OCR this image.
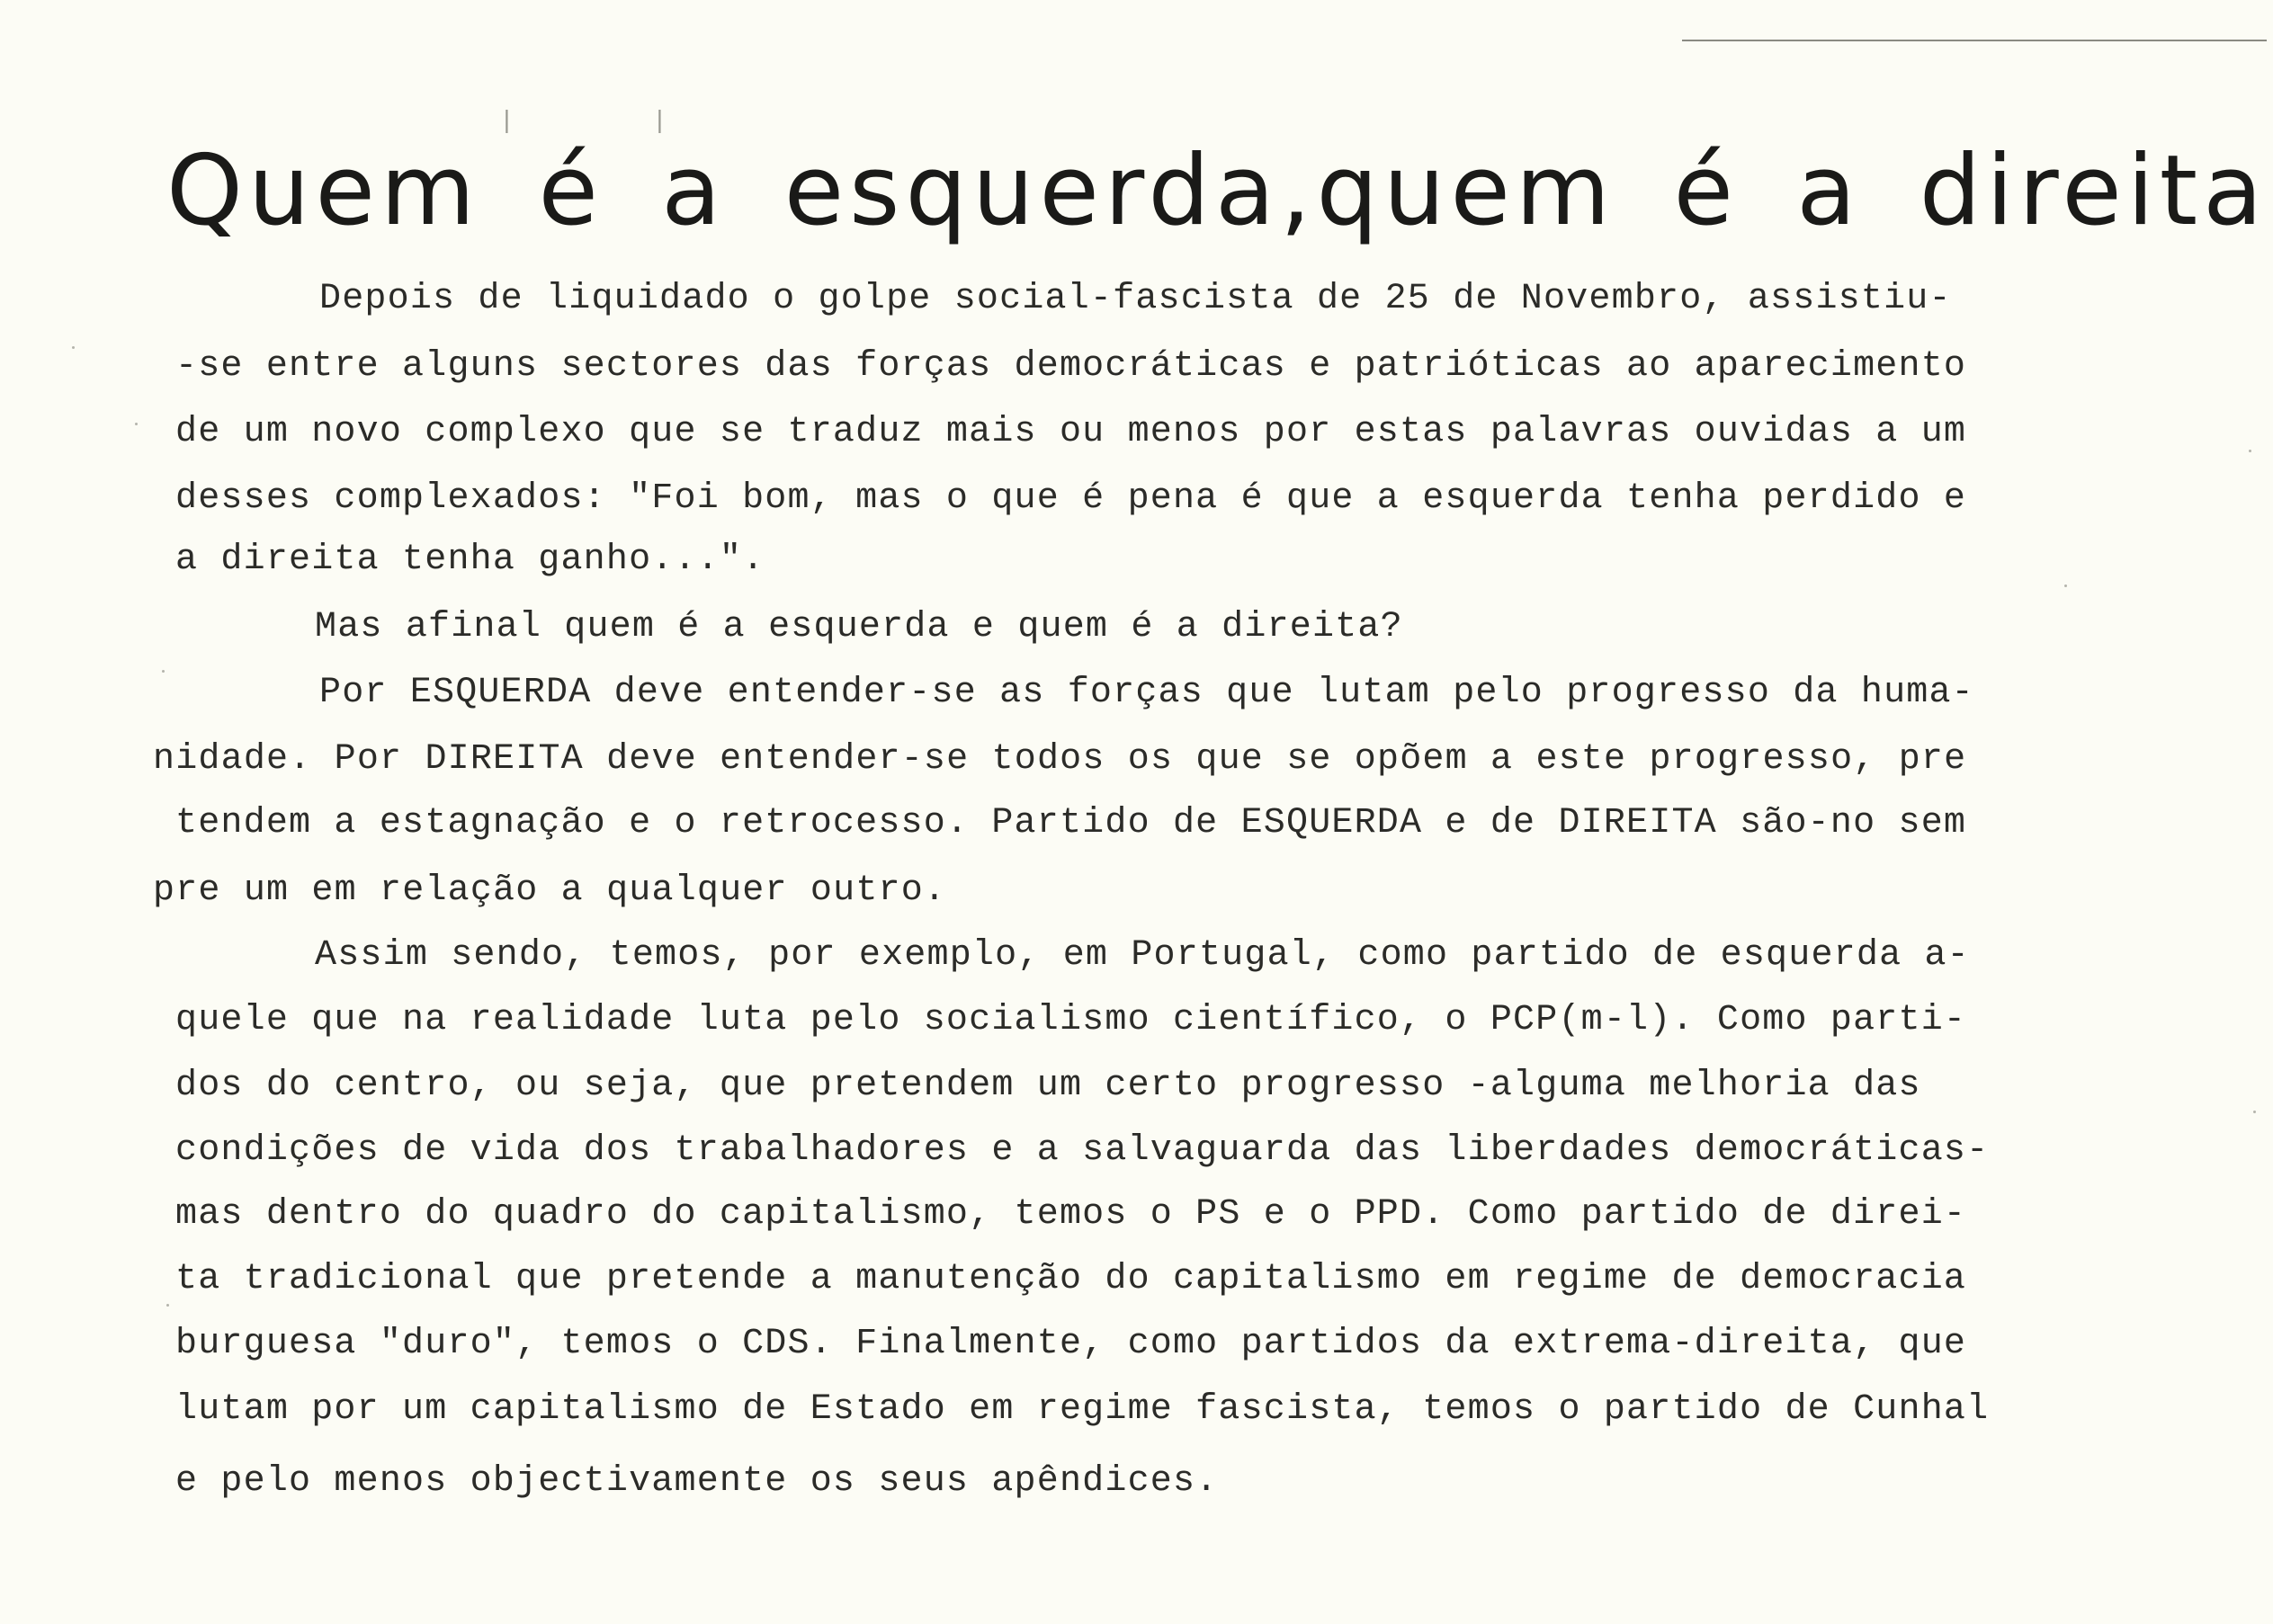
|	|
Quem é a esquerda,quem é a direita

Depois de liquidado o golpe social-fascista de 25 de Novembro, assistiu-

-se entre alguns sectores das forças democráticas e patrióticas ao aparecimento

de um novo complexo que se traduz mais ou menos por estas palavras ouvidas a um

desses complexados: "Foi bom, mas o que é pena é que a esquerda tenha perdido e

a direita tenha ganho...".

Mas afinal quem é a esquerda e quem é a direita?

Por ESQUERDA deve entender-se as forças que lutam pelo progresso da huma-

nidade. Por DIREITA deve entender-se todos os que se opõem a este progresso, pre

tendem a estagnação e o retrocesso. Partido de ESQUERDA e de DIREITA são-no sem

pre um em relação a qualquer outro.

Assim sendo, temos, por exemplo, em Portugal, como partido de esquerda a-

quele que na realidade luta pelo socialismo científico, o PCP(m-l). Como parti-

dos do centro, ou seja, que pretendem um certo progresso -alguma melhoria das

condições de vida dos trabalhadores e a salvaguarda das liberdades democráticas-

mas dentro do quadro do capitalismo, temos o PS e o PPD. Como partido de direi-

ta tradicional que pretende a manutenção do capitalismo em regime de democracia

burguesa "duro", temos o CDS. Finalmente, como partidos da extrema-direita, que

lutam por um capitalismo de Estado em regime fascista, temos o partido de Cunhal

e pelo menos objectivamente os seus apêndices.
